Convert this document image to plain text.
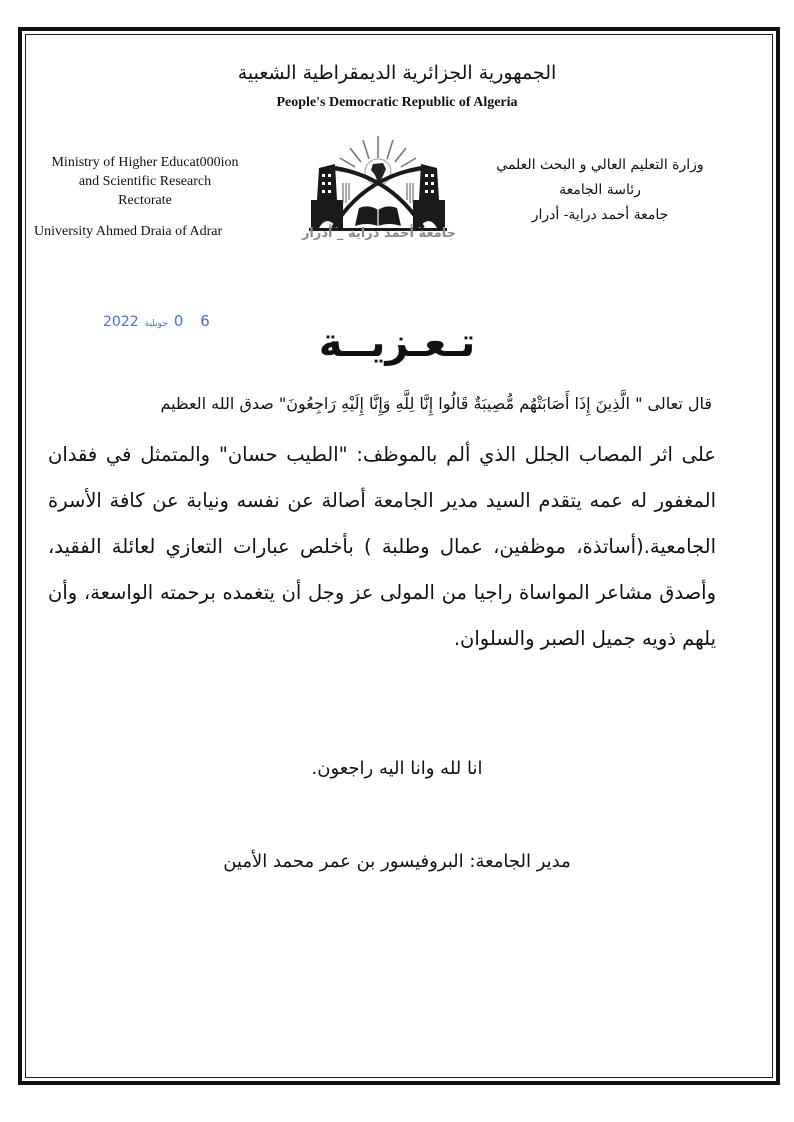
الجمهورية الجزائرية الديمقراطية الشعبية
People's Democratic Republic of Algeria
Ministry of Higher Educat000ion
and Scientific Research
Rectorate
University Ahmed Draia of Adrar
وزارة التعليم العالي و البحث العلمي
رئاسة الجامعة
جامعة أحمد دراية- أدرار
جامعة أحمد دراية _ أدرار
2022 جويلية 0 6	تـعـزيــة
قال تعالى " الَّذِينَ إِذَا أَصَابَتْهُم مُّصِيبَةٌ قَالُوا إِنَّا لِلَّهِ وَإِنَّا إِلَيْهِ رَاجِعُونَ" صدق الله العظيم
على اثر المصاب الجلل الذي ألم بالموظف: "الطيب حسان" والمتمثل في فقدان المغفور له عمه يتقدم السيد مدير الجامعة أصالة عن نفسه ونيابة عن كافة الأسرة الجامعية.(أساتذة، موظفين، عمال وطلبة ) بأخلص عبارات التعازي لعائلة الفقيد، وأصدق مشاعر المواساة راجيا من المولى عز وجل أن يتغمده برحمته الواسعة، وأن يلهم ذويه جميل الصبر والسلوان.
انا لله وانا اليه راجعون.
مدير الجامعة: البروفيسور بن عمر محمد الأمين
